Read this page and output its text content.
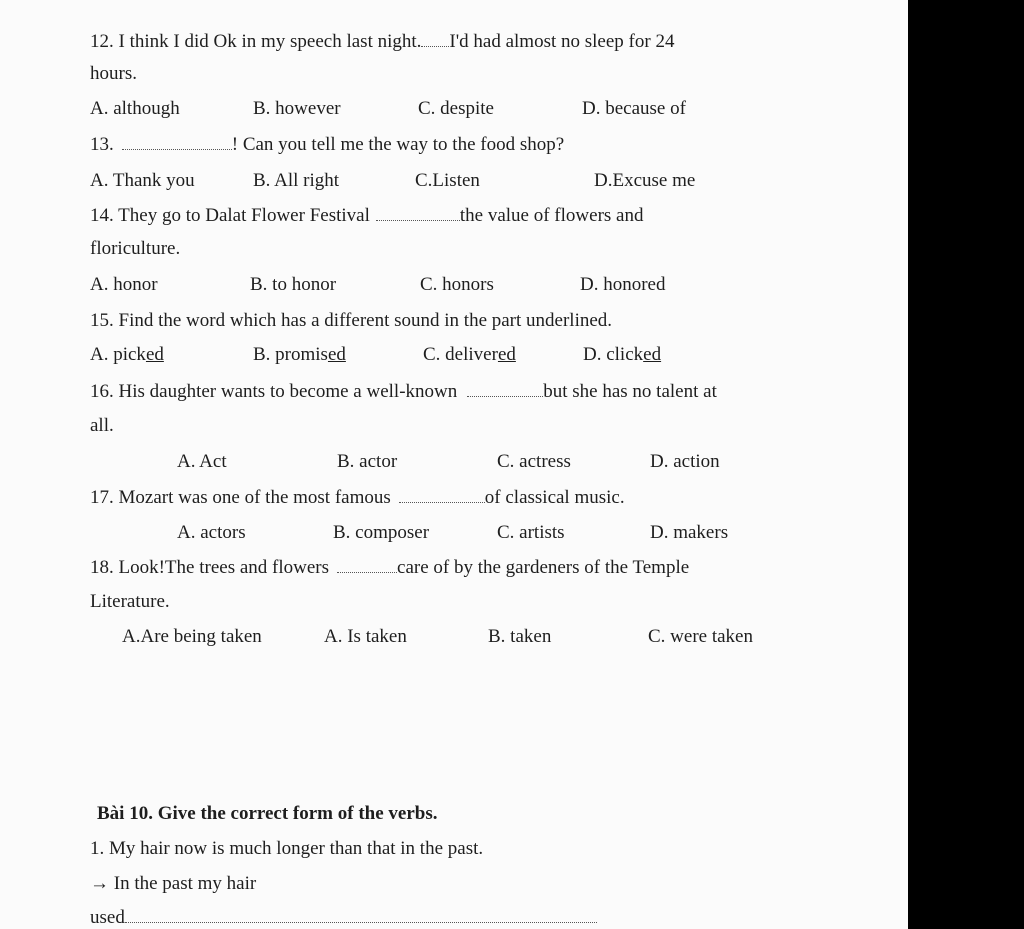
12. I think I did Ok in my speech last night. I'd had almost no sleep for 24
hours.
A. although	B. however	C. despite	D. because of
13.	! Can you tell me the way to the food shop?
A. Thank you	B. All right	C.Listen	D.Excuse me
14. They go to Dalat Flower Festival	the value of flowers and
floriculture.
A. honor	B. to honor	C. honors	D. honored
15. Find the word which has a different sound in the part underlined.
A. picked	B. promised	C. delivered	D. clicked
16. His daughter wants to become a well-known	but she has no talent at
all.
A. Act	B. actor	C. actress	D. action
17. Mozart was one of the most famous	of classical music.
A. actors	B. composer	C. artists	D. makers
18. Look!The trees and flowers	care of by the gardeners of the Temple
Literature.
A.Are being taken	A. Is taken	B. taken	C. were taken
Bài 10. Give the correct form of the verbs.
1. My hair now is much longer than that in the past.
→ In the past my hair
used
